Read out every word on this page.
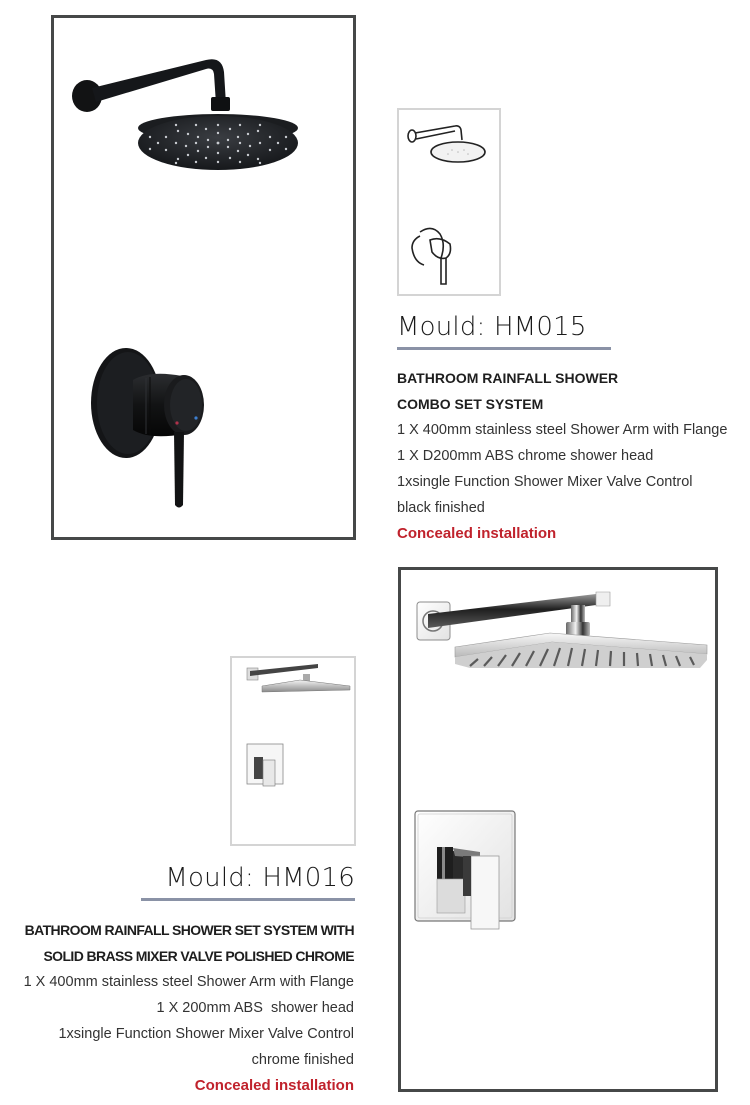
Mould: HM015
BATHROOM RAINFALL SHOWER
COMBO SET SYSTEM
1 X 400mm stainless steel Shower Arm with Flange
1 X D200mm ABS chrome shower head
1xsingle Function Shower Mixer Valve Control
black finished
Concealed installation
Mould: HM016
BATHROOM RAINFALL SHOWER SET SYSTEM WITH
SOLID BRASS MIXER VALVE POLISHED CHROME
1 X 400mm stainless steel Shower Arm with Flange
1 X 200mm ABS  shower head
1xsingle Function Shower Mixer Valve Control
chrome finished
Concealed installation
